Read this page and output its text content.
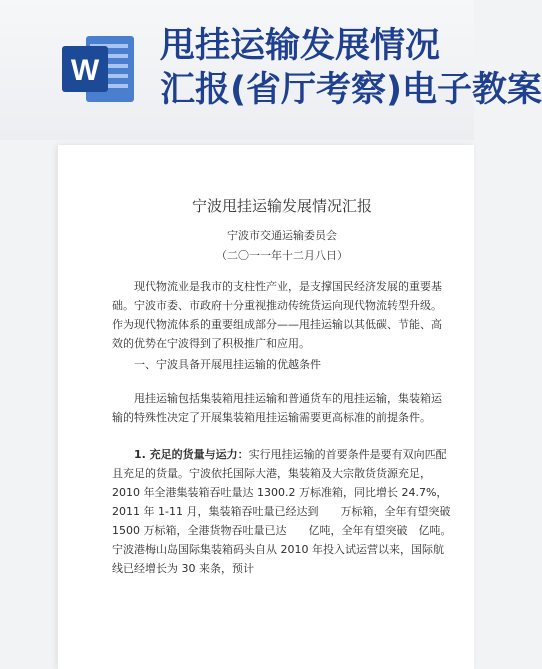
W
甩挂运输发展情况
汇报(省厅考察)电子教案
宁波甩挂运输发展情况汇报
宁波市交通运输委员会
（二〇一一年十二月八日）
现代物流业是我市的支柱性产业，是支撑国民经济发展的重要基础。宁波市委、市政府十分重视推动传统货运向现代物流转型升级。作为现代物流体系的重要组成部分——甩挂运输以其低碳、节能、高效的优势在宁波得到了积极推广和应用。
一、宁波具备开展甩挂运输的优越条件
甩挂运输包括集装箱甩挂运输和普通货车的甩挂运输，集装箱运输的特殊性决定了开展集装箱甩挂运输需要更高标准的前提条件。
1. 充足的货量与运力：实行甩挂运输的首要条件是要有双向匹配且充足的货量。宁波依托国际大港，集装箱及大宗散货货源充足，2010 年全港集装箱吞吐量达 1300.2 万标准箱，同比增长 24.7%，2011 年 1-11 月，集装箱吞吐量已经达到　　万标箱，全年有望突破 1500 万标箱，全港货物吞吐量已达　　亿吨，全年有望突破　亿吨。宁波港梅山岛国际集装箱码头自从 2010 年投入试运营以来，国际航线已经增长为 30 来条，预计
